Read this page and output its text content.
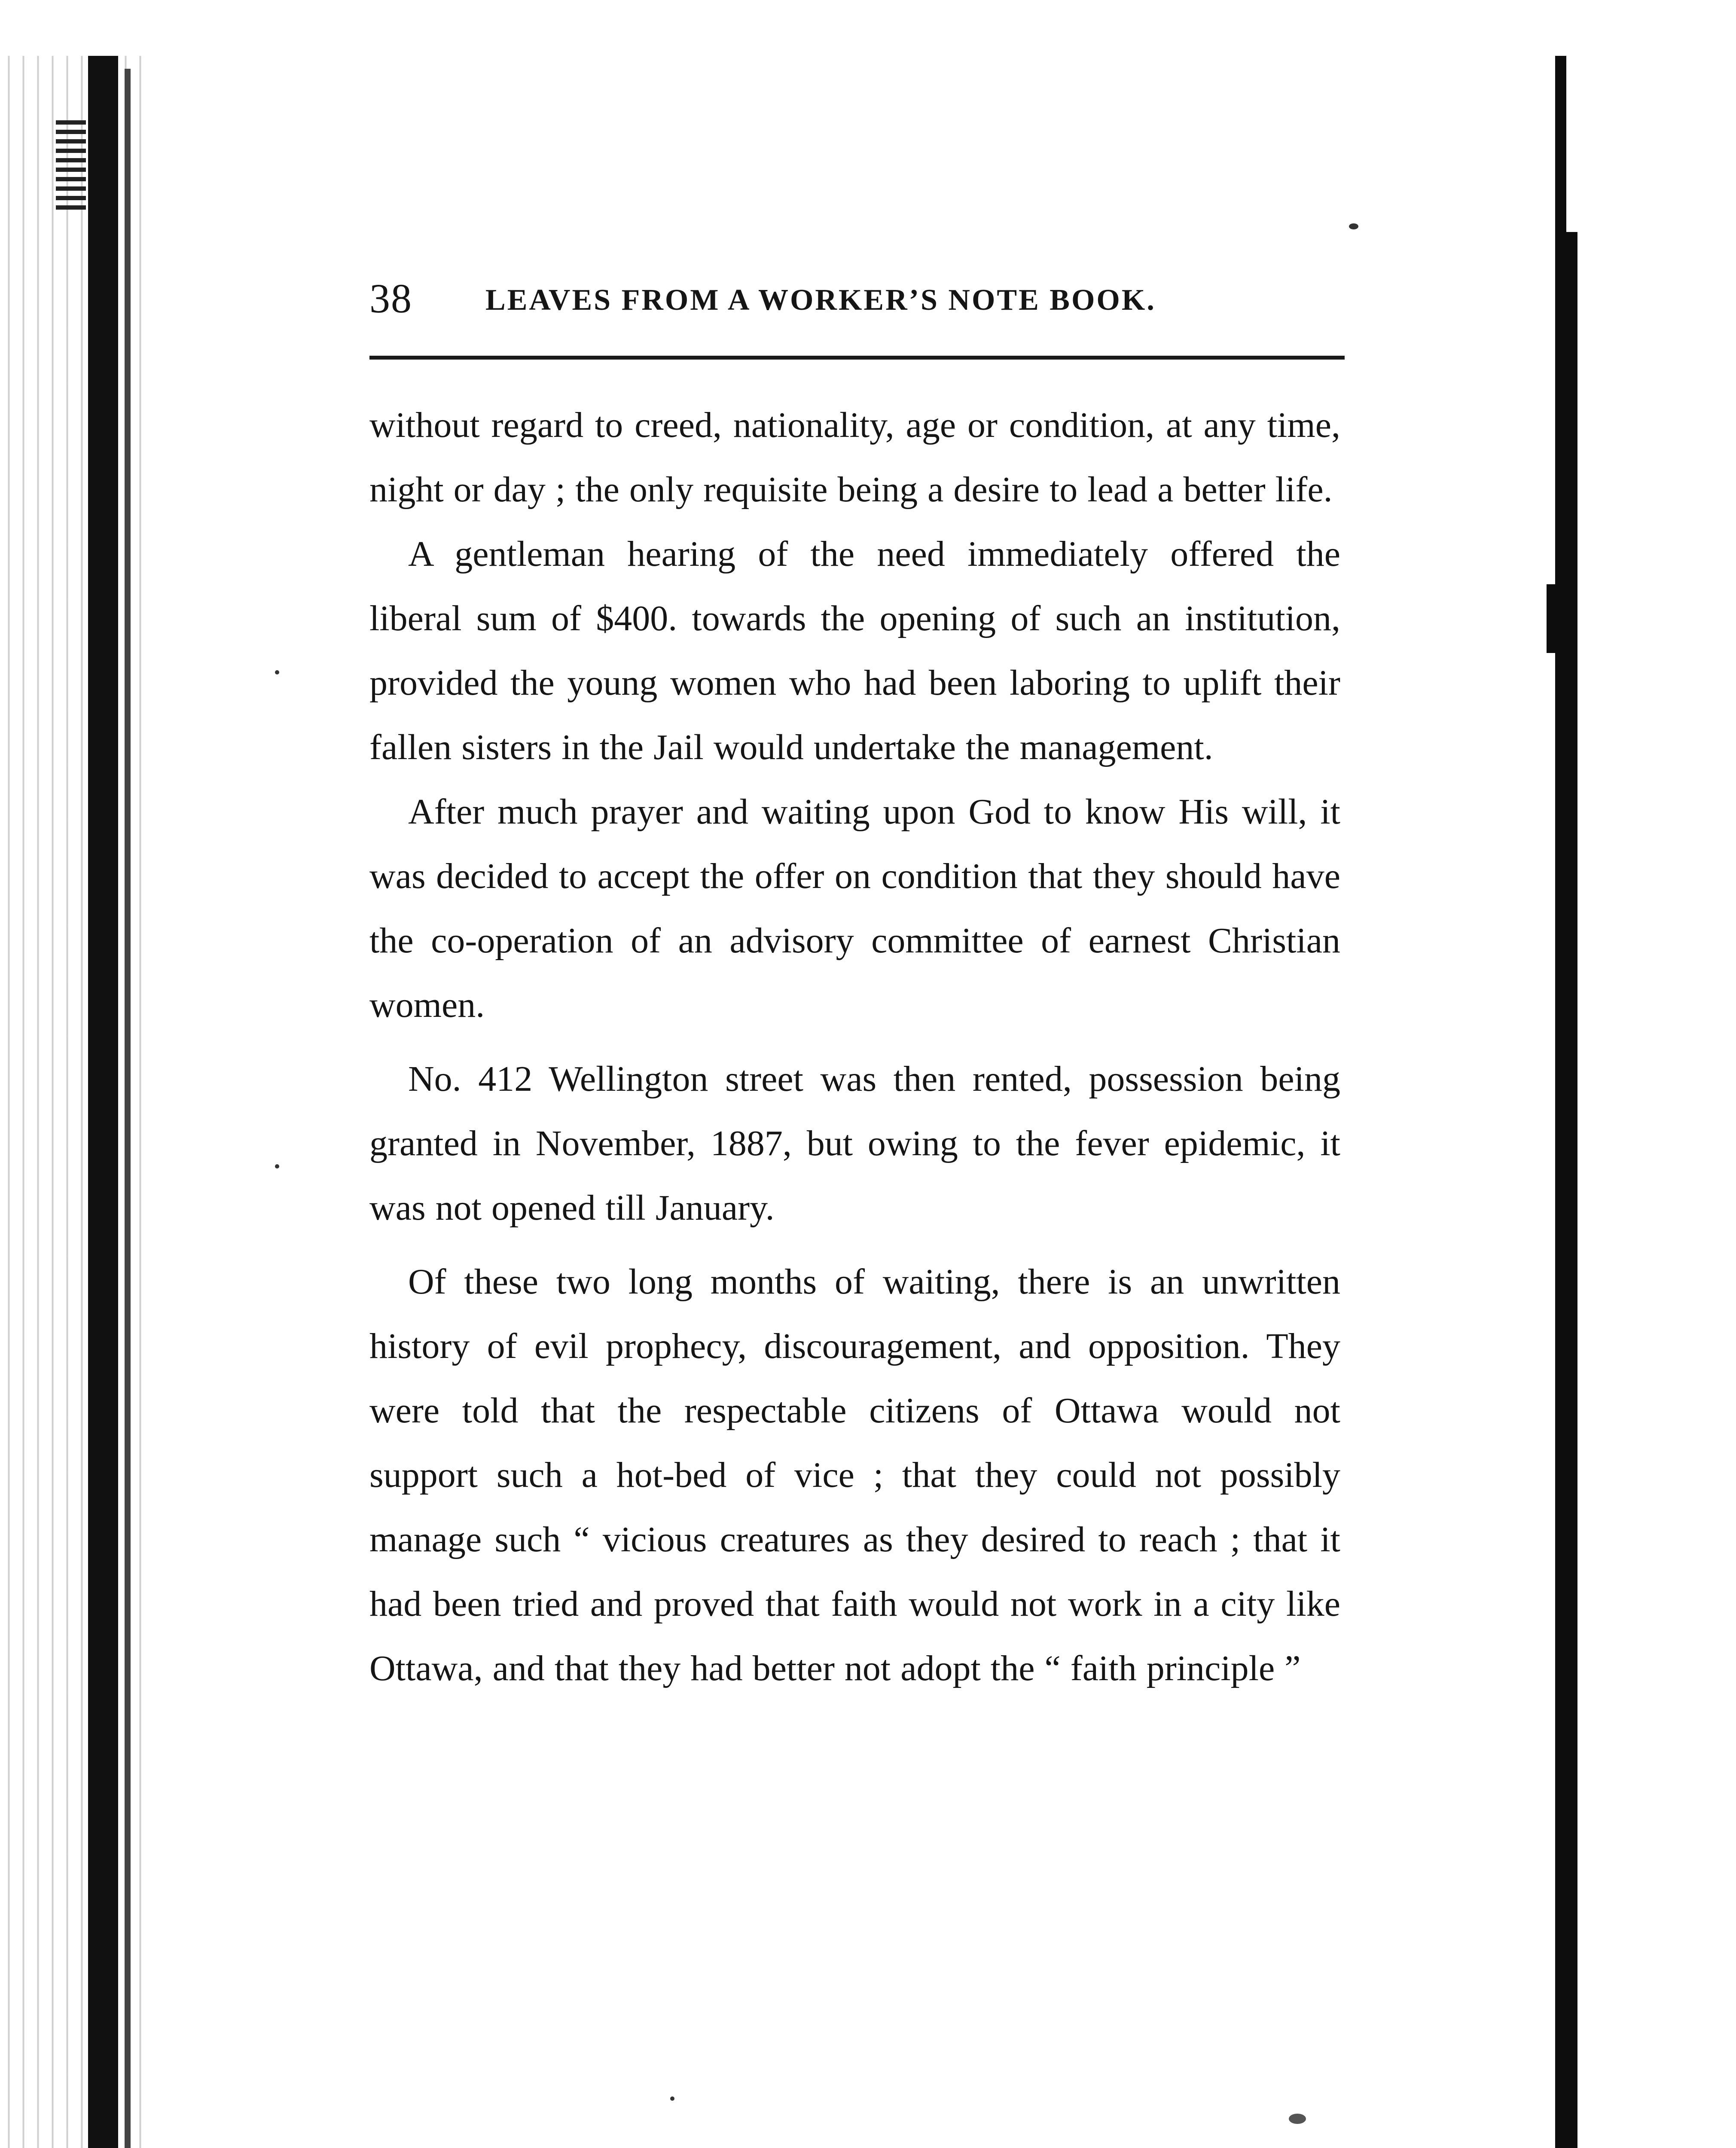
38 LEAVES FROM A WORKER’S NOTE BOOK.

without regard to creed, nationality, age or condition, at any time, night or day ; the only requisite being a desire to lead a better life.

A gentleman hearing of the need immediately offered the liberal sum of $400. towards the opening of such an institution, provided the young women who had been laboring to uplift their fallen sisters in the Jail would undertake the management.

After much prayer and waiting upon God to know His will, it was decided to accept the offer on condition that they should have the co-operation of an advisory committee of earnest Christian women.

No. 412 Wellington street was then rented, possession being granted in November, 1887, but owing to the fever epidemic, it was not opened till January.

Of these two long months of waiting, there is an unwritten history of evil prophecy, discouragement, and opposition. They were told that the respectable citizens of Ottawa would not support such a hot-bed of vice ; that they could not possibly manage such “ vicious creatures as they desired to reach ; that it had been tried and proved that faith would not work in a city like Ottawa, and that they had better not adopt the “ faith principle ”
